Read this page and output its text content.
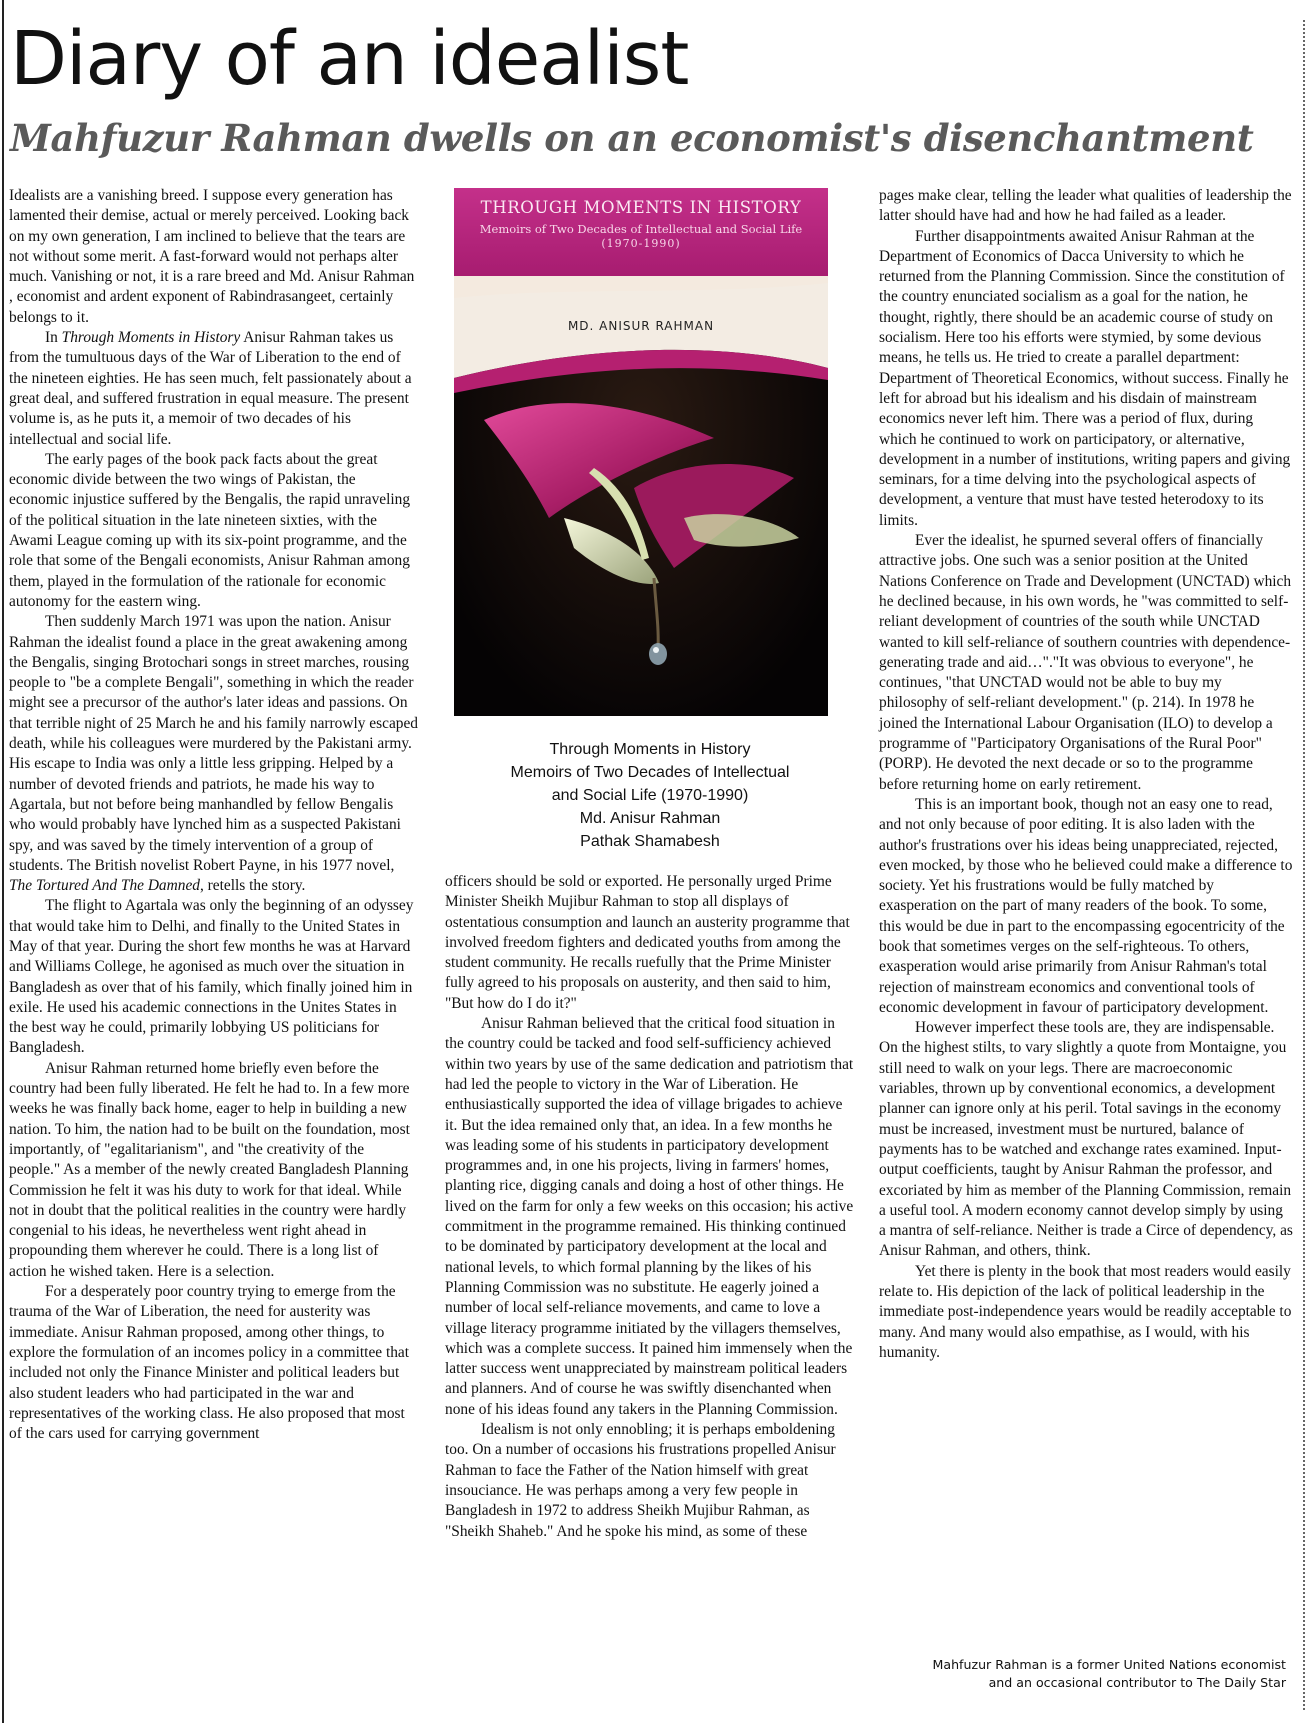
Diary of an idealist
Mahfuzur Rahman dwells on an economist's disenchantment

Idealists are a vanishing breed. I suppose every generation has lamented their demise, actual or merely perceived. Looking back on my own generation, I am inclined to believe that the tears are not without some merit. A fast-forward would not perhaps alter much. Vanishing or not, it is a rare breed and Md. Anisur Rahman , economist and ardent exponent of Rabindrasangeet, certainly belongs to it.

In Through Moments in History Anisur Rahman takes us from the tumultuous days of the War of Liberation to the end of the nineteen eighties. He has seen much, felt passionately about a great deal, and suffered frustration in equal measure. The present volume is, as he puts it, a memoir of two decades of his intellectual and social life.

The early pages of the book pack facts about the great economic divide between the two wings of Pakistan, the economic injustice suffered by the Bengalis, the rapid unraveling of the political situation in the late nineteen sixties, with the Awami League coming up with its six-point programme, and the role that some of the Bengali economists, Anisur Rahman among them, played in the formulation of the rationale for economic autonomy for the eastern wing.

Then suddenly March 1971 was upon the nation. Anisur Rahman the idealist found a place in the great awakening among the Bengalis, singing Brotochari songs in street marches, rousing people to "be a complete Bengali", something in which the reader might see a precursor of the author's later ideas and passions. On that terrible night of 25 March he and his family narrowly escaped death, while his colleagues were murdered by the Pakistani army. His escape to India was only a little less gripping. Helped by a number of devoted friends and patriots, he made his way to Agartala, but not before being manhandled by fellow Bengalis who would probably have lynched him as a suspected Pakistani spy, and was saved by the timely intervention of a group of students. The British novelist Robert Payne, in his 1977 novel, The Tortured And The Damned, retells the story.

The flight to Agartala was only the beginning of an odyssey that would take him to Delhi, and finally to the United States in May of that year. During the short few months he was at Harvard and Williams College, he agonised as much over the situation in Bangladesh as over that of his family, which finally joined him in exile. He used his academic connections in the Unites States in the best way he could, primarily lobbying US politicians for Bangladesh.

Anisur Rahman returned home briefly even before the country had been fully liberated. He felt he had to. In a few more weeks he was finally back home, eager to help in building a new nation. To him, the nation had to be built on the foundation, most importantly, of "egalitarianism", and "the creativity of the people." As a member of the newly created Bangladesh Planning Commission he felt it was his duty to work for that ideal. While not in doubt that the political realities in the country were hardly congenial to his ideas, he nevertheless went right ahead in propounding them wherever he could. There is a long list of action he wished taken. Here is a selection.

For a desperately poor country trying to emerge from the trauma of the War of Liberation, the need for austerity was immediate. Anisur Rahman proposed, among other things, to explore the formulation of an incomes policy in a committee that included not only the Finance Minister and political leaders but also student leaders who had participated in the war and representatives of the working class. He also proposed that most of the cars used for carrying government

THROUGH MOMENTS IN HISTORY
Memoirs of Two Decades of Intellectual and Social Life
(1970-1990)
MD. ANISUR RAHMAN
Through Moments in History
Memoirs of Two Decades of Intellectual
and Social Life (1970-1990)
Md. Anisur Rahman
Pathak Shamabesh

officers should be sold or exported. He personally urged Prime Minister Sheikh Mujibur Rahman to stop all displays of ostentatious consumption and launch an austerity programme that involved freedom fighters and dedicated youths from among the student community. He recalls ruefully that the Prime Minister fully agreed to his proposals on austerity, and then said to him, "But how do I do it?"

Anisur Rahman believed that the critical food situation in the country could be tacked and food self-sufficiency achieved within two years by use of the same dedication and patriotism that had led the people to victory in the War of Liberation. He enthusiastically supported the idea of village brigades to achieve it. But the idea remained only that, an idea. In a few months he was leading some of his students in participatory development programmes and, in one his projects, living in farmers' homes, planting rice, digging canals and doing a host of other things. He lived on the farm for only a few weeks on this occasion; his active commitment in the programme remained. His thinking continued to be dominated by participatory development at the local and national levels, to which formal planning by the likes of his Planning Commission was no substitute. He eagerly joined a number of local self-reliance movements, and came to love a village literacy programme initiated by the villagers themselves, which was a complete success. It pained him immensely when the latter success went unappreciated by mainstream political leaders and planners. And of course he was swiftly disenchanted when none of his ideas found any takers in the Planning Commission.

Idealism is not only ennobling; it is perhaps emboldening too. On a number of occasions his frustrations propelled Anisur Rahman to face the Father of the Nation himself with great insouciance. He was perhaps among a very few people in Bangladesh in 1972 to address Sheikh Mujibur Rahman, as "Sheikh Shaheb." And he spoke his mind, as some of these

pages make clear, telling the leader what qualities of leadership the latter should have had and how he had failed as a leader.

Further disappointments awaited Anisur Rahman at the Department of Economics of Dacca University to which he returned from the Planning Commission. Since the constitution of the country enunciated socialism as a goal for the nation, he thought, rightly, there should be an academic course of study on socialism. Here too his efforts were stymied, by some devious means, he tells us. He tried to create a parallel department: Department of Theoretical Economics, without success. Finally he left for abroad but his idealism and his disdain of mainstream economics never left him. There was a period of flux, during which he continued to work on participatory, or alternative, development in a number of institutions, writing papers and giving seminars, for a time delving into the psychological aspects of development, a venture that must have tested heterodoxy to its limits.

Ever the idealist, he spurned several offers of financially attractive jobs. One such was a senior position at the United Nations Conference on Trade and Development (UNCTAD) which he declined because, in his own words, he "was committed to self-reliant development of countries of the south while UNCTAD wanted to kill self-reliance of southern countries with dependence-generating trade and aid…"."It was obvious to everyone", he continues, "that UNCTAD would not be able to buy my philosophy of self-reliant development." (p. 214). In 1978 he joined the International Labour Organisation (ILO) to develop a programme of "Participatory Organisations of the Rural Poor" (PORP). He devoted the next decade or so to the programme before returning home on early retirement.

This is an important book, though not an easy one to read, and not only because of poor editing. It is also laden with the author's frustrations over his ideas being unappreciated, rejected, even mocked, by those who he believed could make a difference to society. Yet his frustrations would be fully matched by exasperation on the part of many readers of the book. To some, this would be due in part to the encompassing egocentricity of the book that sometimes verges on the self-righteous. To others, exasperation would arise primarily from Anisur Rahman's total rejection of mainstream economics and conventional tools of economic development in favour of participatory development.

However imperfect these tools are, they are indispensable. On the highest stilts, to vary slightly a quote from Montaigne, you still need to walk on your legs. There are macroeconomic variables, thrown up by conventional economics, a development planner can ignore only at his peril. Total savings in the economy must be increased, investment must be nurtured, balance of payments has to be watched and exchange rates examined. Input-output coefficients, taught by Anisur Rahman the professor, and excoriated by him as member of the Planning Commission, remain a useful tool. A modern economy cannot develop simply by using a mantra of self-reliance. Neither is trade a Circe of dependency, as Anisur Rahman, and others, think.

Yet there is plenty in the book that most readers would easily relate to. His depiction of the lack of political leadership in the immediate post-independence years would be readily acceptable to many. And many would also empathise, as I would, with his humanity.

Mahfuzur Rahman is a former United Nations economist
and an occasional contributor to The Daily Star
